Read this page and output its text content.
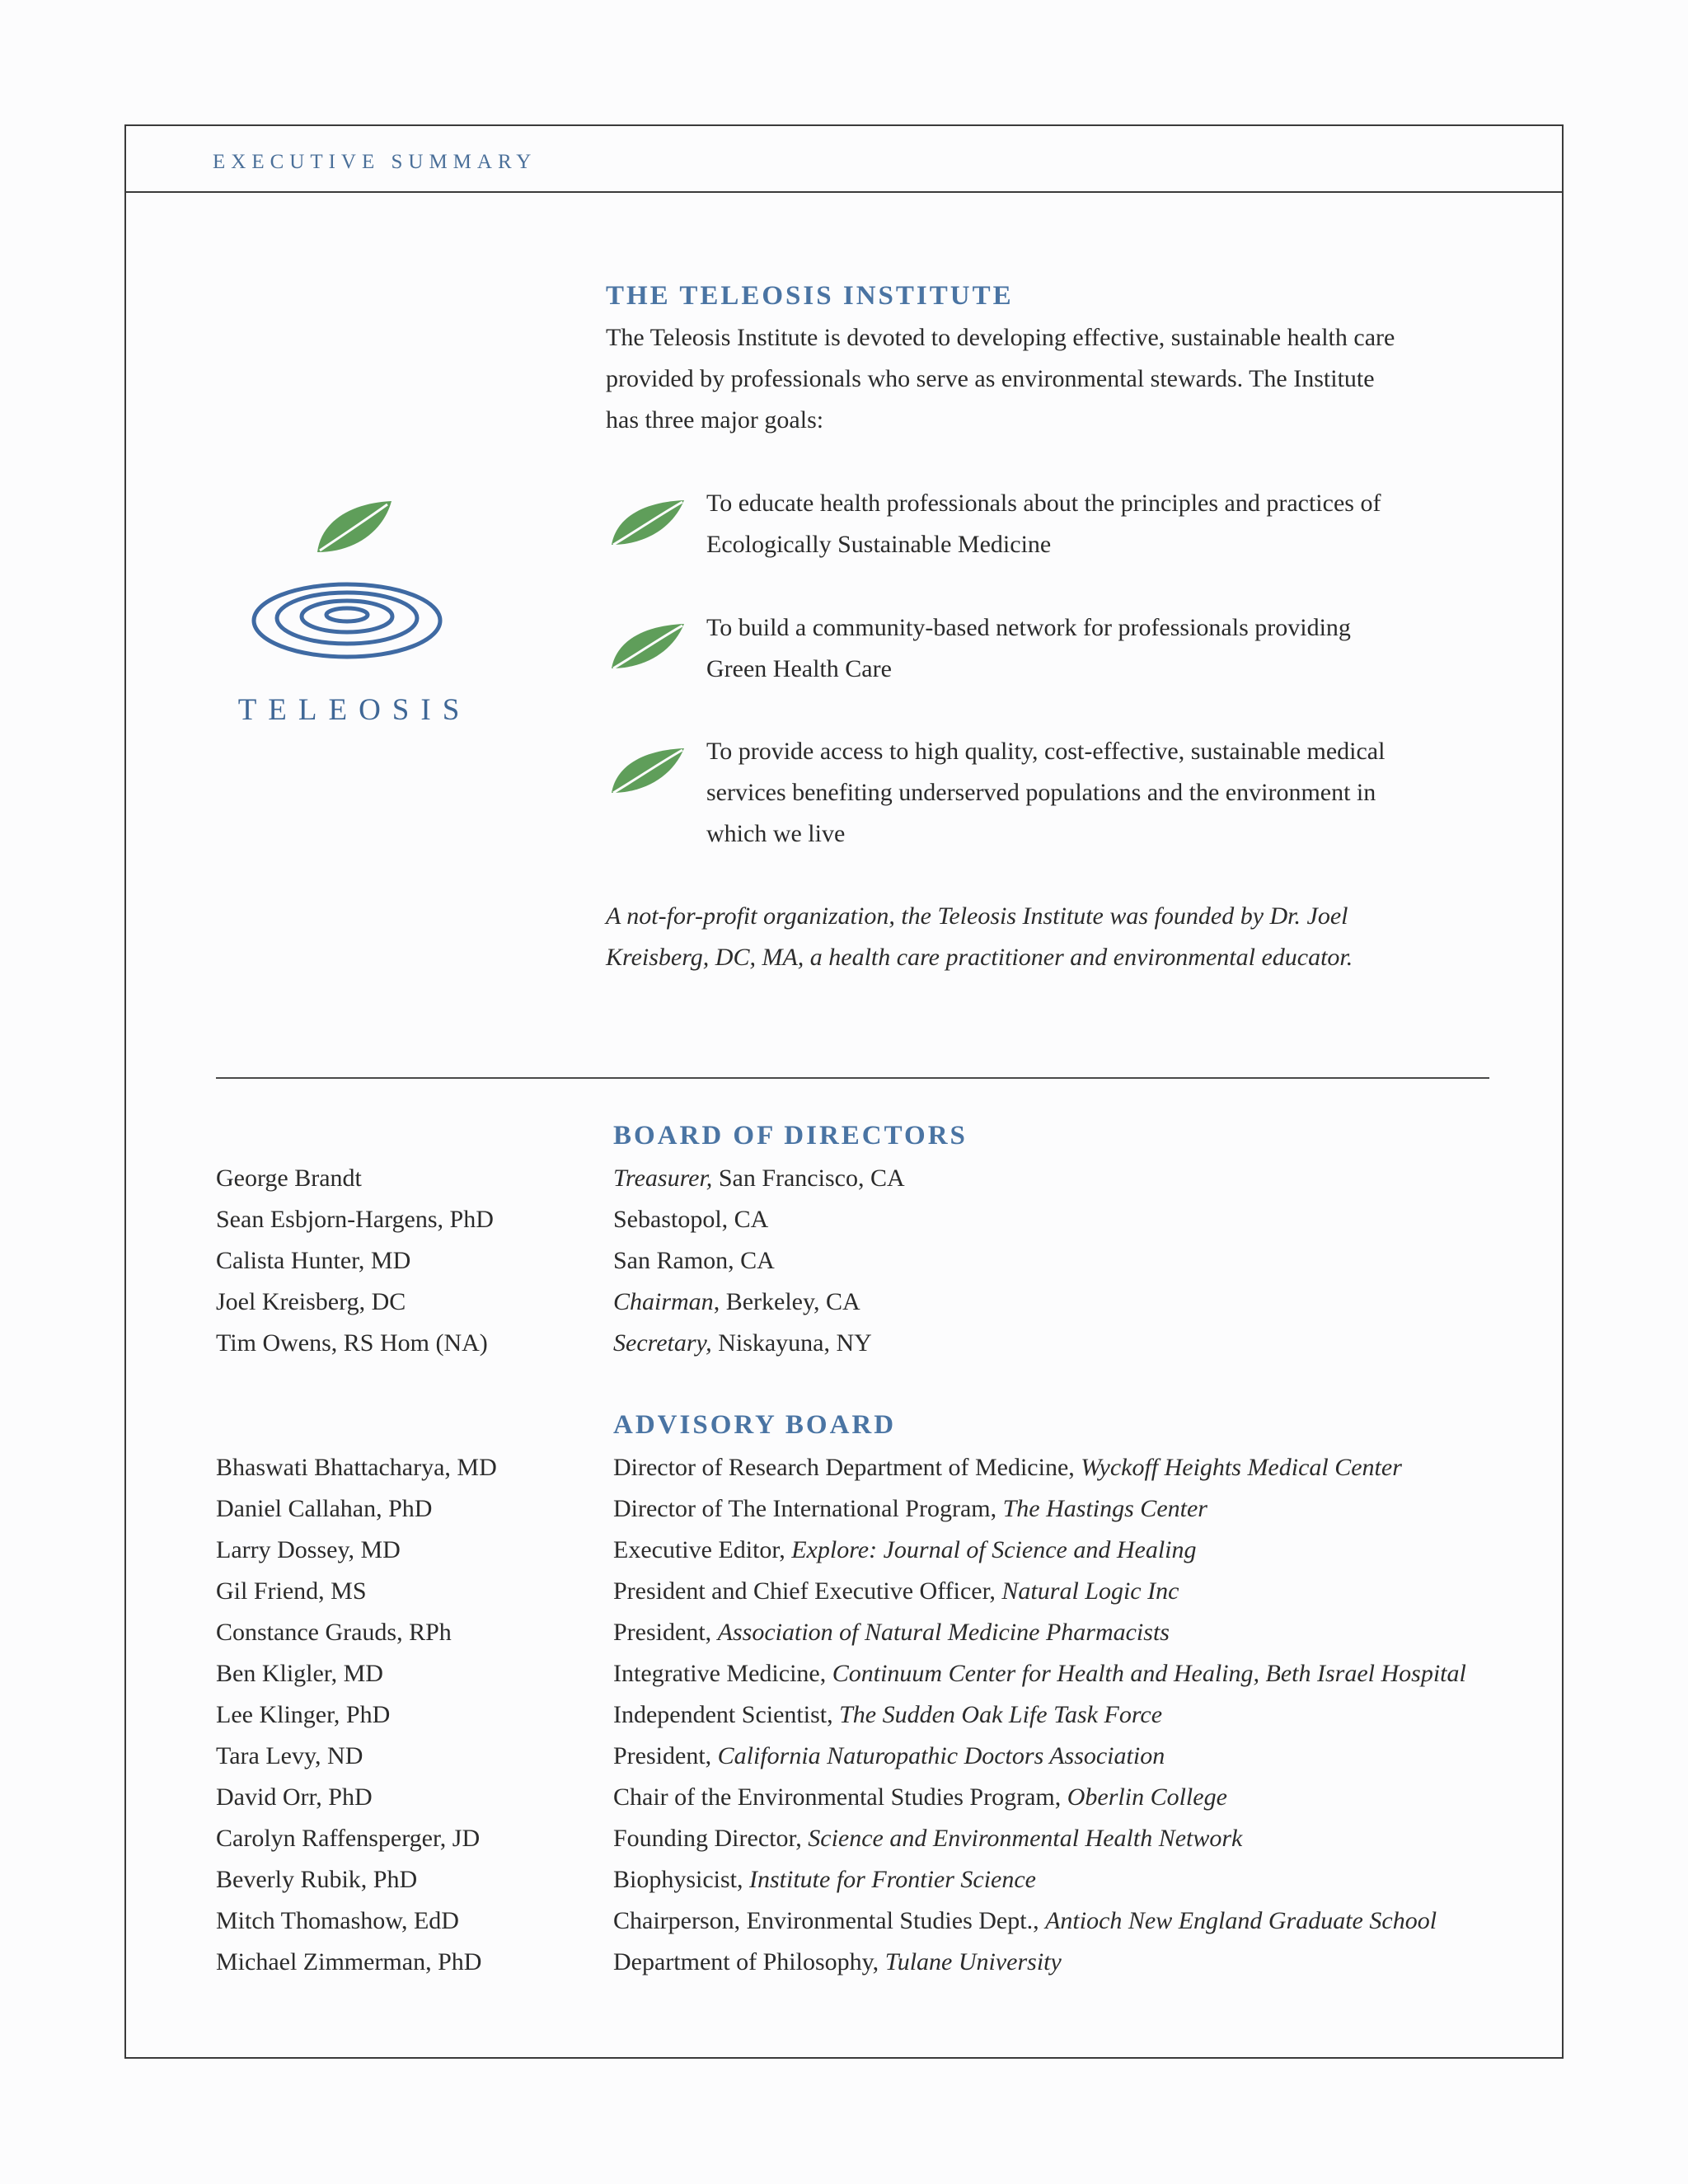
EXECUTIVE SUMMARY
TELEOSIS
THE TELEOSIS INSTITUTE
The Teleosis Institute is devoted to developing effective, sustainable health care
provided by professionals who serve as environmental stewards. The Institute
has three major goals:
To educate health professionals about the principles and practices of
Ecologically Sustainable Medicine
To build a community-based network for professionals providing
Green Health Care
To provide access to high quality, cost-effective, sustainable medical
services benefiting underserved populations and the environment in
which we live
A not-for-profit organization, the Teleosis Institute was founded by Dr. Joel
Kreisberg, DC, MA, a health care practitioner and environmental educator.
BOARD OF DIRECTORS
George Brandt	Treasurer, San Francisco, CA
Sean Esbjorn-Hargens, PhD	Sebastopol, CA
Calista Hunter, MD	San Ramon, CA
Joel Kreisberg, DC	Chairman, Berkeley, CA
Tim Owens, RS Hom (NA)	Secretary, Niskayuna, NY
ADVISORY BOARD
Bhaswati Bhattacharya, MD	Director of Research Department of Medicine, Wyckoff Heights Medical Center
Daniel Callahan, PhD	Director of The International Program, The Hastings Center
Larry Dossey, MD	Executive Editor, Explore: Journal of Science and Healing
Gil Friend, MS	President and Chief Executive Officer, Natural Logic Inc
Constance Grauds, RPh	President, Association of Natural Medicine Pharmacists
Ben Kligler, MD	Integrative Medicine, Continuum Center for Health and Healing, Beth Israel Hospital
Lee Klinger, PhD	Independent Scientist, The Sudden Oak Life Task Force
Tara Levy, ND	President, California Naturopathic Doctors Association
David Orr, PhD	Chair of the Environmental Studies Program, Oberlin College
Carolyn Raffensperger, JD	Founding Director, Science and Environmental Health Network
Beverly Rubik, PhD	Biophysicist, Institute for Frontier Science
Mitch Thomashow, EdD	Chairperson, Environmental Studies Dept., Antioch New England Graduate School
Michael Zimmerman, PhD	Department of Philosophy, Tulane University
